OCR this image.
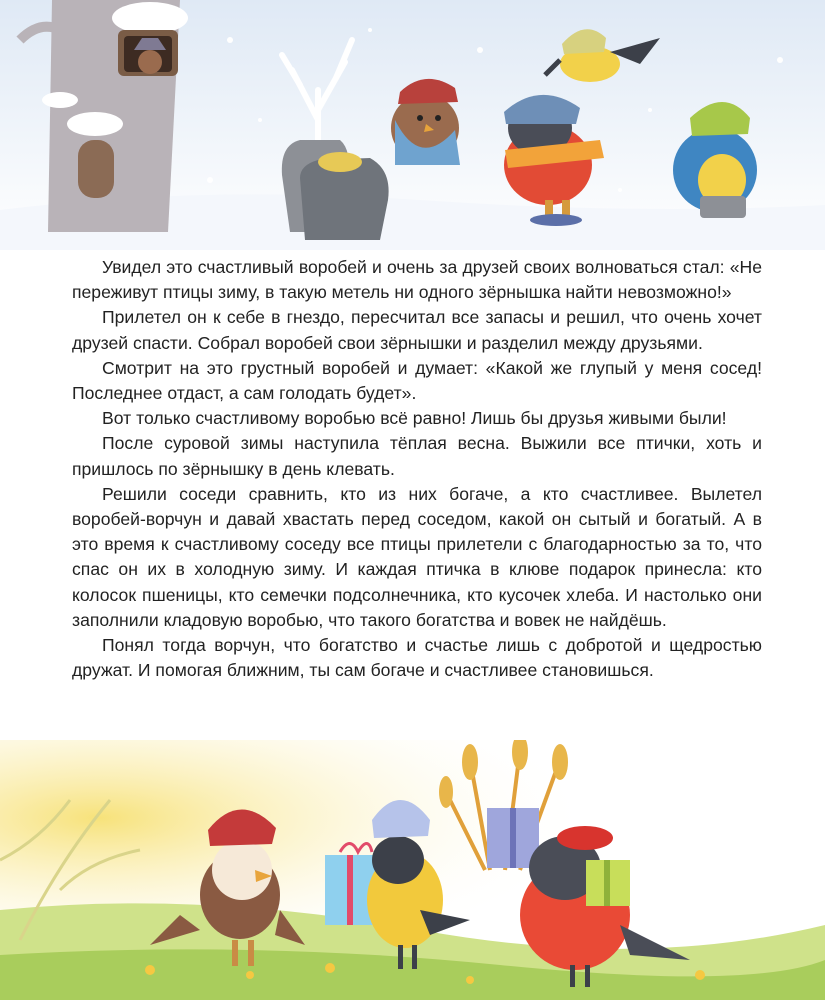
Увидел это счастливый воробей и очень за друзей своих волноваться стал: «Не переживут птицы зиму, в такую метель ни одного зёрнышка найти невозможно!»

Прилетел он к себе в гнездо, пересчитал все запасы и решил, что очень хочет друзей спасти. Собрал воробей свои зёрнышки и разделил между друзьями.

Смотрит на это грустный воробей и думает: «Какой же глупый у меня сосед! Последнее отдаст, а сам голодать будет».

Вот только счастливому воробью всё равно! Лишь бы друзья живыми были!

После суровой зимы наступила тёплая весна. Выжили все птички, хоть и пришлось по зёрнышку в день клевать.

Решили соседи сравнить, кто из них богаче, а кто счастливее. Вылетел воробей-ворчун и давай хвастать перед соседом, какой он сытый и богатый. А в это время к счастливому соседу все птицы прилетели с благодарностью за то, что спас он их в холодную зиму. И каждая птичка в клюве подарок принесла: кто колосок пшеницы, кто семечки подсолнечника, кто кусочек хлеба. И настолько они заполнили кладовую воробью, что такого богатства и вовек не найдёшь.

Понял тогда ворчун, что богатство и счастье лишь с добротой и щедростью дружат. И помогая ближним, ты сам богаче и счастливее становишься.
